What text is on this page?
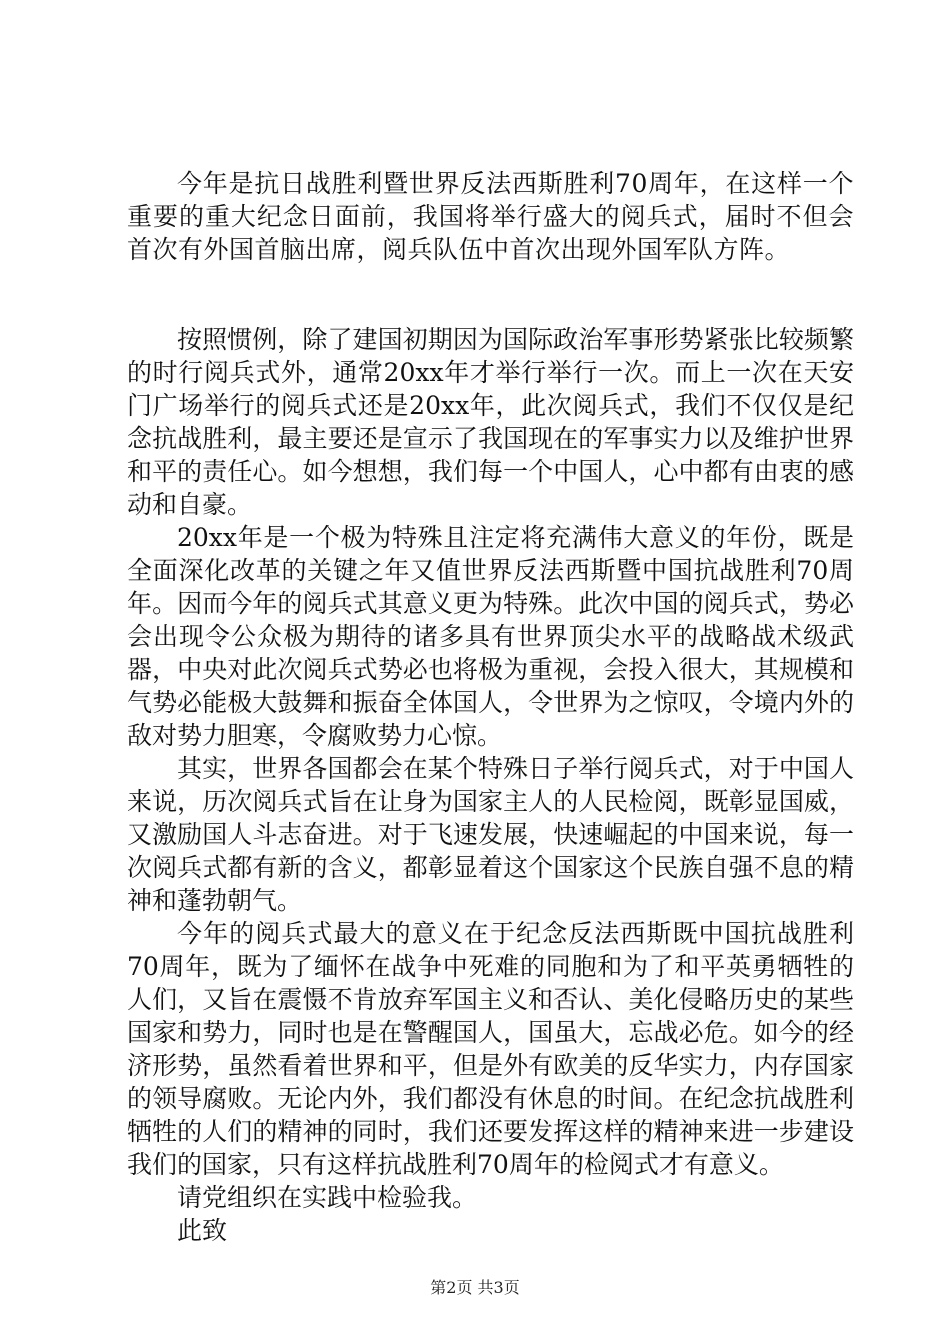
今年是抗日战胜利暨世界反法西斯胜利70周年，在这样一个重要的重大纪念日面前，我国将举行盛大的阅兵式，届时不但会首次有外国首脑出席，阅兵队伍中首次出现外国军队方阵。

按照惯例，除了建国初期因为国际政治军事形势紧张比较频繁的时行阅兵式外，通常20xx年才举行举行一次。而上一次在天安门广场举行的阅兵式还是20xx年，此次阅兵式，我们不仅仅是纪念抗战胜利，最主要还是宣示了我国现在的军事实力以及维护世界和平的责任心。如今想想，我们每一个中国人，心中都有由衷的感动和自豪。

20xx年是一个极为特殊且注定将充满伟大意义的年份，既是全面深化改革的关键之年又值世界反法西斯暨中国抗战胜利70周年。因而今年的阅兵式其意义更为特殊。此次中国的阅兵式，势必会出现令公众极为期待的诸多具有世界顶尖水平的战略战术级武器，中央对此次阅兵式势必也将极为重视，会投入很大，其规模和气势必能极大鼓舞和振奋全体国人，令世界为之惊叹，令境内外的敌对势力胆寒，令腐败势力心惊。

其实，世界各国都会在某个特殊日子举行阅兵式，对于中国人来说，历次阅兵式旨在让身为国家主人的人民检阅，既彰显国威，又激励国人斗志奋进。对于飞速发展，快速崛起的中国来说，每一次阅兵式都有新的含义，都彰显着这个国家这个民族自强不息的精神和蓬勃朝气。

今年的阅兵式最大的意义在于纪念反法西斯既中国抗战胜利70周年，既为了缅怀在战争中死难的同胞和为了和平英勇牺牲的人们，又旨在震慑不肯放弃军国主义和否认、美化侵略历史的某些国家和势力，同时也是在警醒国人，国虽大，忘战必危。如今的经济形势，虽然看着世界和平，但是外有欧美的反华实力，内存国家的领导腐败。无论内外，我们都没有休息的时间。在纪念抗战胜利牺牲的人们的精神的同时，我们还要发挥这样的精神来进一步建设我们的国家，只有这样抗战胜利70周年的检阅式才有意义。

请党组织在实践中检验我。

此致

第2页 共3页
